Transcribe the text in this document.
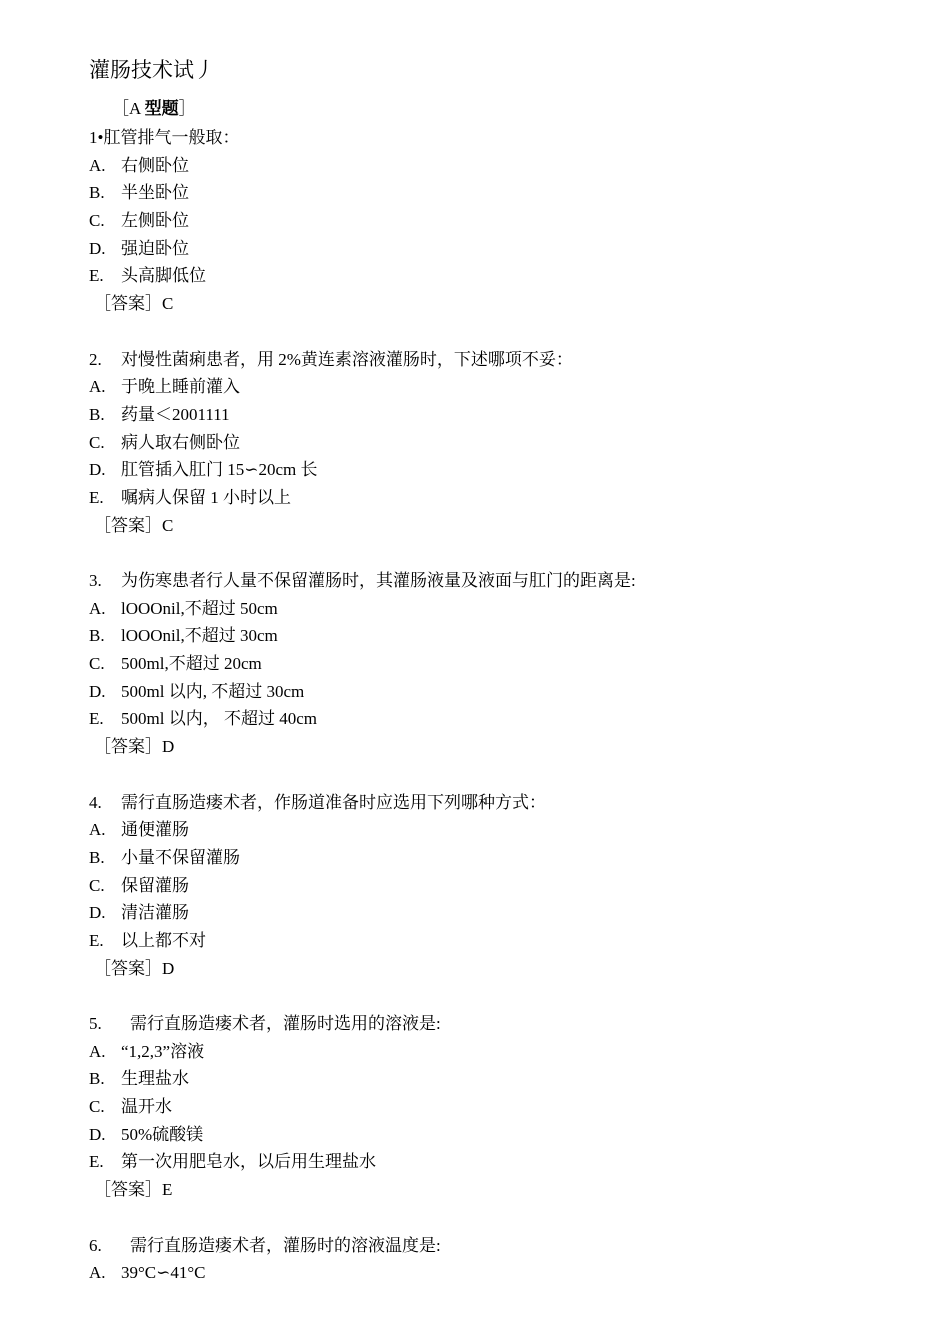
灌肠技术试丿
［A 型题］
1•肛管排气一般取：
A. 右侧卧位
B. 半坐卧位
C. 左侧卧位
D. 强迫卧位
E. 头高脚低位
［答案］C
2. 对慢性菌痢患者，用 2%黄连素溶液灌肠时，下述哪项不妥：
A. 于晚上睡前灌入
B. 药量＜2001111
C. 病人取右侧卧位
D. 肛管插入肛门 15∽20cm 长
E. 嘱病人保留 1 小时以上
［答案］C
3. 为伤寒患者行人量不保留灌肠时，其灌肠液量及液面与肛门的距离是:
A. lOOOnil,不超过 50cm
B. lOOOnil,不超过 30cm
C. 500ml,不超过 20cm
D. 500ml 以内, 不超过 30cm
E. 500ml 以内， 不超过 40cm
［答案］D
4. 需行直肠造瘘术者，作肠道准备时应选用下列哪种方式：
A. 通便灌肠
B. 小量不保留灌肠
C. 保留灌肠
D. 清洁灌肠
E. 以上都不对
［答案］D
5. 需行直肠造瘘术者，灌肠时选用的溶液是:
A. “1,2,3”溶液
B. 生理盐水
C. 温开水
D. 50%硫酸镁
E. 第一次用肥皂水，以后用生理盐水
［答案］E
6. 需行直肠造瘘术者，灌肠时的溶液温度是:
A. 39°C∽41°C
